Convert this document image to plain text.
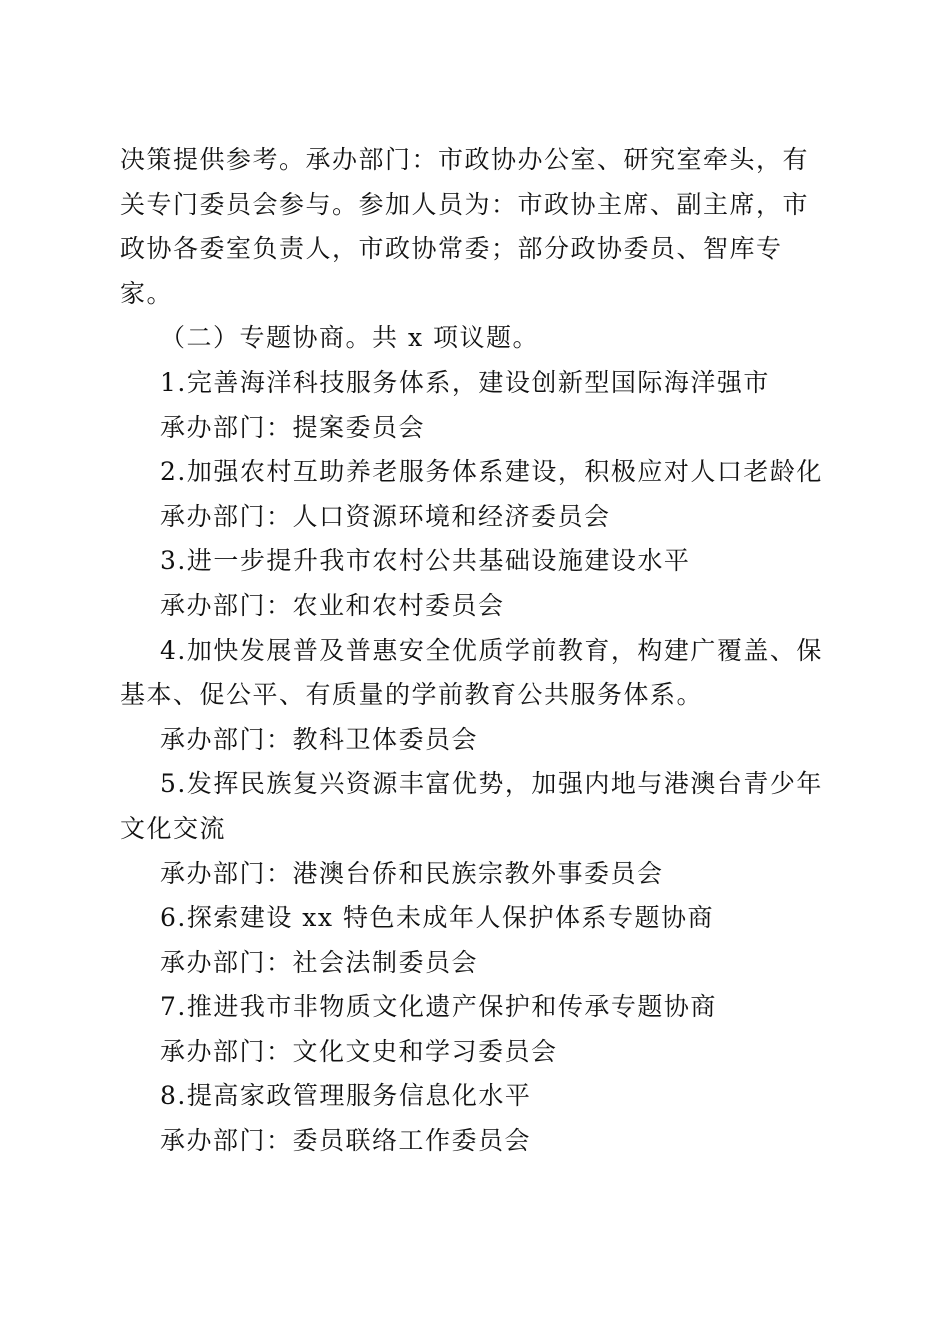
决策提供参考。承办部门：市政协办公室、研究室牵头，有关专门委员会参与。参加人员为：市政协主席、副主席，市政协各委室负责人，市政协常委；部分政协委员、智库专家。

（二）专题协商。共 x 项议题。

1.完善海洋科技服务体系，建设创新型国际海洋强市

承办部门：提案委员会

2.加强农村互助养老服务体系建设，积极应对人口老龄化

承办部门：人口资源环境和经济委员会

3.进一步提升我市农村公共基础设施建设水平

承办部门：农业和农村委员会

4.加快发展普及普惠安全优质学前教育，构建广覆盖、保基本、促公平、有质量的学前教育公共服务体系。

承办部门：教科卫体委员会

5.发挥民族复兴资源丰富优势，加强内地与港澳台青少年文化交流

承办部门：港澳台侨和民族宗教外事委员会

6.探索建设 xx 特色未成年人保护体系专题协商

承办部门：社会法制委员会

7.推进我市非物质文化遗产保护和传承专题协商

承办部门：文化文史和学习委员会

8.提高家政管理服务信息化水平

承办部门：委员联络工作委员会
